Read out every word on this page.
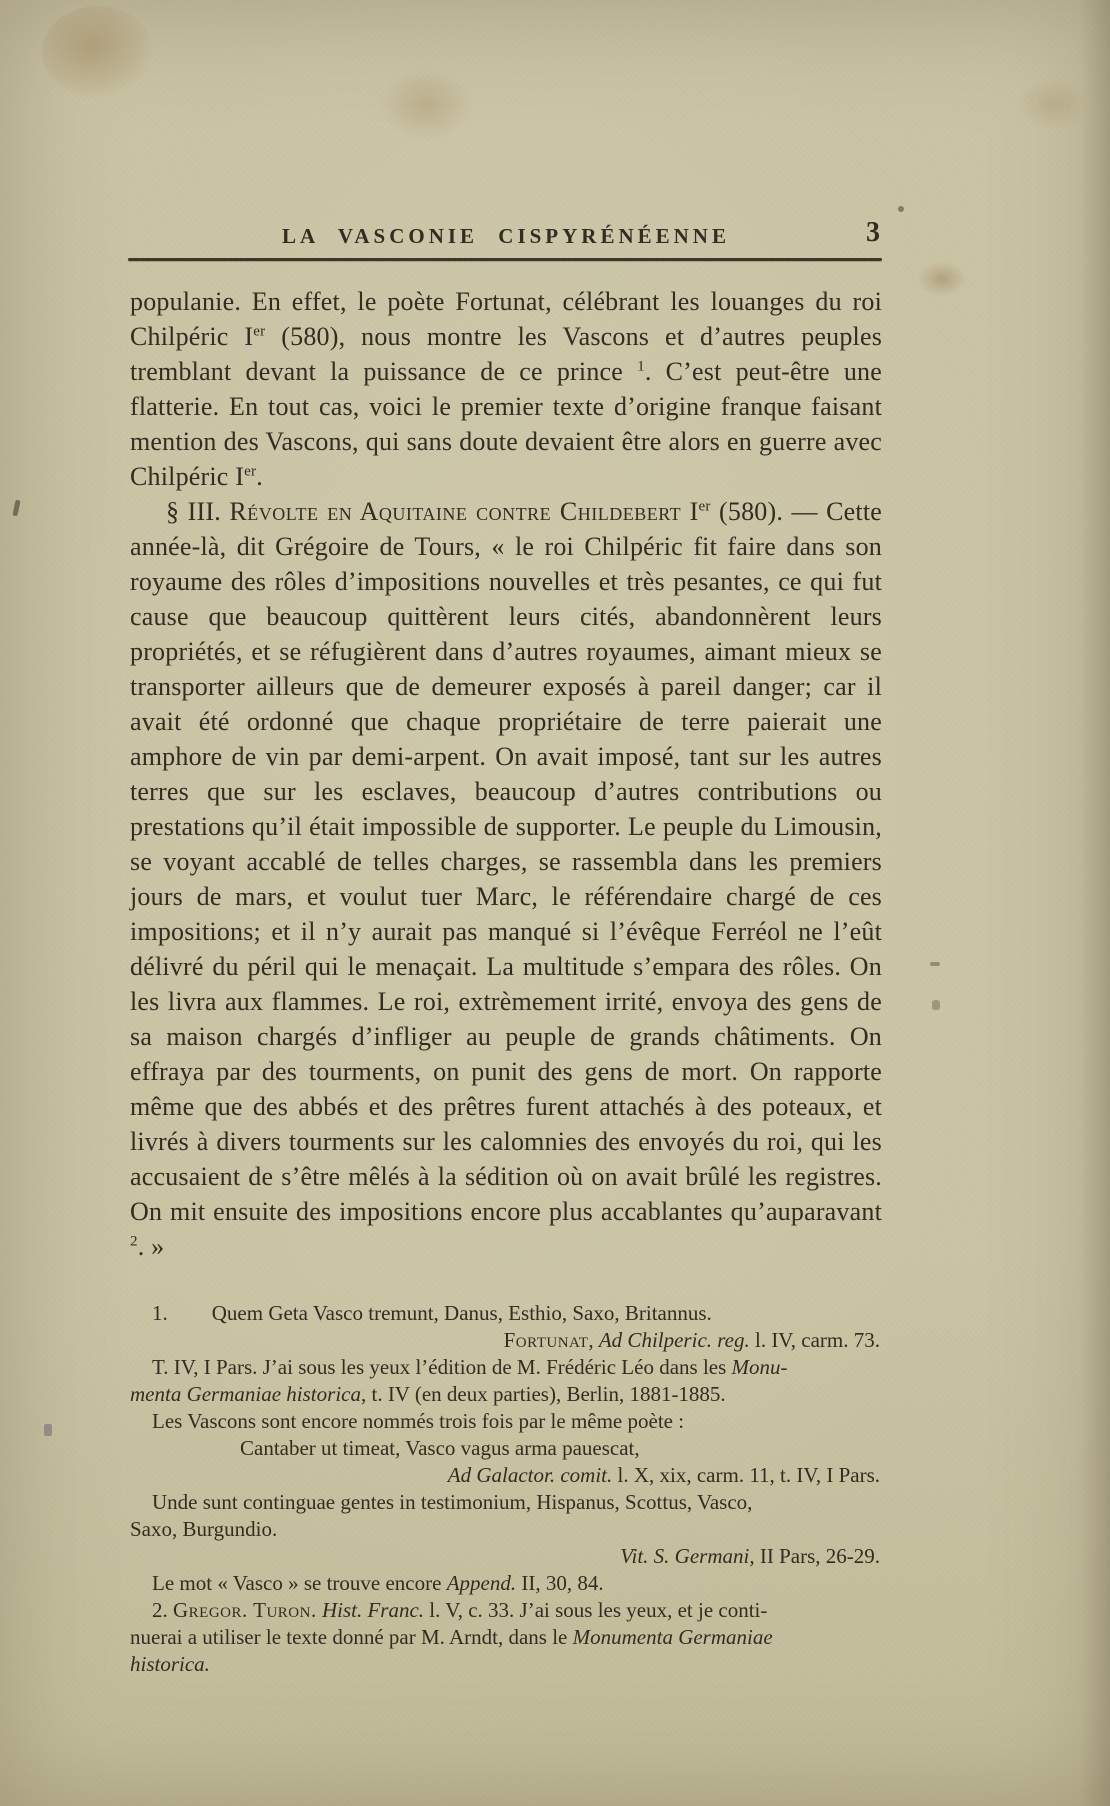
LA VASCONIE CISPYRÉNÉENNE	3

populanie. En effet, le poète Fortunat, célébrant les louanges du roi Chilpéric Ier (580), nous montre les Vascons et d’autres peuples tremblant devant la puissance de ce prince $^1$. C’est peut-être une flatterie. En tout cas, voici le premier texte d’origine franque faisant mention des Vascons, qui sans doute devaient être alors en guerre avec Chilpéric Ier.

§ III. Révolte en Aquitaine contre Childebert Ier (580). — Cette année-là, dit Grégoire de Tours, « le roi Chilpéric fit faire dans son royaume des rôles d’impositions nouvelles et très pesantes, ce qui fut cause que beaucoup quittèrent leurs cités, abandonnèrent leurs propriétés, et se réfugièrent dans d’autres royaumes, aimant mieux se transporter ailleurs que de demeurer exposés à pareil danger; car il avait été ordonné que chaque propriétaire de terre paierait une amphore de vin par demi-arpent. On avait imposé, tant sur les autres terres que sur les esclaves, beaucoup d’autres contributions ou prestations qu’il était impossible de supporter. Le peuple du Limousin, se voyant accablé de telles charges, se rassembla dans les premiers jours de mars, et voulut tuer Marc, le référendaire chargé de ces impositions; et il n’y aurait pas manqué si l’évêque Ferréol ne l’eût délivré du péril qui le menaçait. La multitude s’empara des rôles. On les livra aux flammes. Le roi, extrèmement irrité, envoya des gens de sa maison chargés d’infliger au peuple de grands châtiments. On effraya par des tourments, on punit des gens de mort. On rapporte même que des abbés et des prêtres furent attachés à des poteaux, et livrés à divers tourments sur les calomnies des envoyés du roi, qui les accusaient de s’être mêlés à la sédition où on avait brûlé les registres. On mit ensuite des impositions encore plus accablantes qu’auparavant $^2$. »

1. Quem Geta Vasco tremunt, Danus, Esthio, Saxo, Britannus.
Fortunat, Ad Chilperic. reg. l. IV, carm. 73.
T. IV, I Pars. J’ai sous les yeux l’édition de M. Frédéric Léo dans les Monu-
menta Germaniae historica, t. IV (en deux parties), Berlin, 1881-1885.
Les Vascons sont encore nommés trois fois par le même poète :
Cantaber ut timeat, Vasco vagus arma pauescat,
Ad Galactor. comit. l. X, xix, carm. 11, t. IV, I Pars.
Unde sunt continguae gentes in testimonium, Hispanus, Scottus, Vasco,
Saxo, Burgundio.
Vit. S. Germani, II Pars, 26-29.
Le mot « Vasco » se trouve encore Append. II, 30, 84.
2. Gregor. Turon. Hist. Franc. l. V, c. 33. J’ai sous les yeux, et je conti-
nuerai a utiliser le texte donné par M. Arndt, dans le Monumenta Germaniae
historica.
